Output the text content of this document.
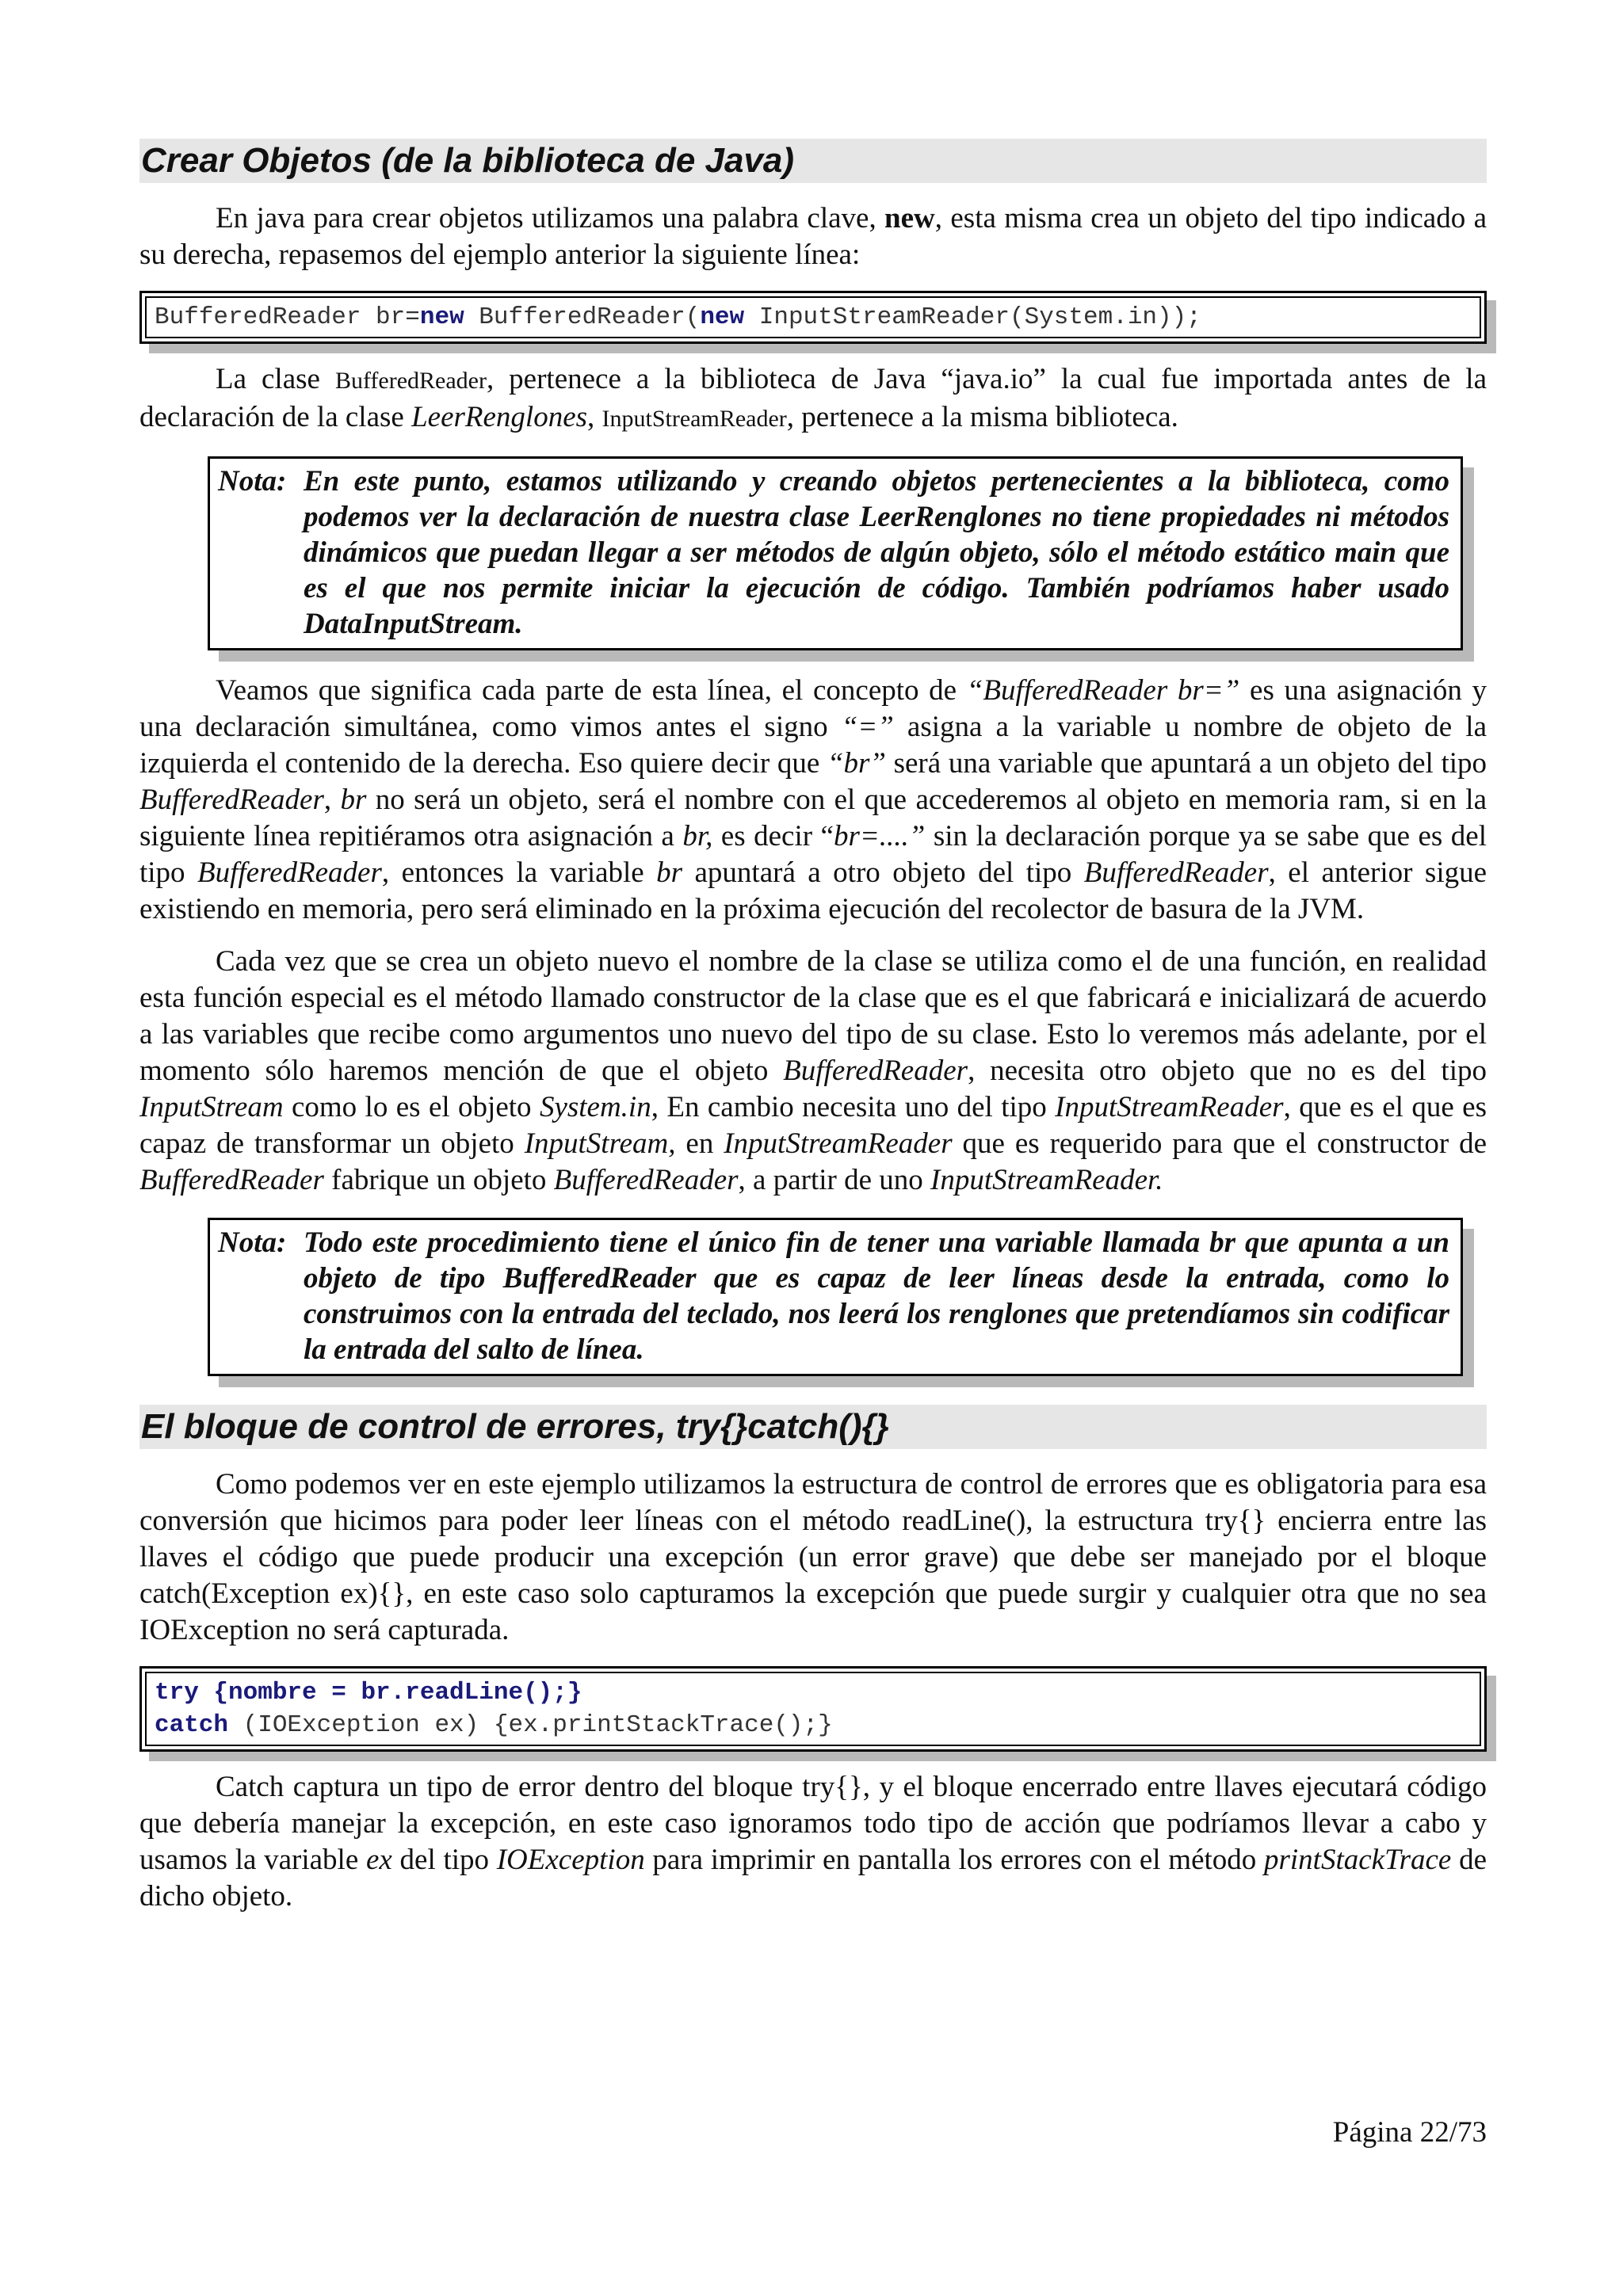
Crear Objetos (de la biblioteca de Java)

En java para crear objetos utilizamos una palabra clave, new, esta misma crea un objeto del tipo indicado a su derecha, repasemos del ejemplo anterior la siguiente línea:

BufferedReader br=new BufferedReader(new InputStreamReader(System.in));

La clase BufferedReader, pertenece a la biblioteca de Java “java.io” la cual fue importada antes de la declaración de la clase LeerRenglones, InputStreamReader, pertenece a la misma biblioteca.

Nota: En este punto, estamos utilizando y creando objetos pertenecientes a la biblioteca, como podemos ver la declaración de nuestra clase LeerRenglones no tiene propiedades ni métodos dinámicos que puedan llegar a ser métodos de algún objeto, sólo el método estático main que es el que nos permite iniciar la ejecución de código. También podríamos haber usado DataInputStream.

Veamos que significa cada parte de esta línea, el concepto de “BufferedReader br=” es una asignación y una declaración simultánea, como vimos antes el signo “=” asigna a la variable u nombre de objeto de la izquierda el contenido de la derecha. Eso quiere decir que “br” será una variable que apuntará a un objeto del tipo BufferedReader, br no será un objeto, será el nombre con el que accederemos al objeto en memoria ram, si en la siguiente línea repitiéramos otra asignación a br, es decir “br=....” sin la declaración porque ya se sabe que es del tipo BufferedReader, entonces la variable br apuntará a otro objeto del tipo BufferedReader, el anterior sigue existiendo en memoria, pero será eliminado en la próxima ejecución del recolector de basura de la JVM.

Cada vez que se crea un objeto nuevo el nombre de la clase se utiliza como el de una función, en realidad esta función especial es el método llamado constructor de la clase que es el que fabricará e inicializará de acuerdo a las variables que recibe como argumentos uno nuevo del tipo de su clase. Esto lo veremos más adelante, por el momento sólo haremos mención de que el objeto BufferedReader, necesita otro objeto que no es del tipo InputStream como lo es el objeto System.in, En cambio necesita uno del tipo InputStreamReader, que es el que es capaz de transformar un objeto InputStream, en InputStreamReader que es requerido para que el constructor de BufferedReader fabrique un objeto BufferedReader, a partir de uno InputStreamReader.

Nota: Todo este procedimiento tiene el único fin de tener una variable llamada br que apunta a un objeto de tipo BufferedReader que es capaz de leer líneas desde la entrada, como lo construimos con la entrada del teclado, nos leerá los renglones que pretendíamos sin codificar la entrada del salto de línea.
El bloque de control de errores, try{}catch(){}

Como podemos ver en este ejemplo utilizamos la estructura de control de errores que es obligatoria para esa conversión que hicimos para poder leer líneas con el método readLine(), la estructura try{} encierra entre las llaves el código que puede producir una excepción (un error grave) que debe ser manejado por el bloque catch(Exception ex){}, en este caso solo capturamos la excepción que puede surgir y cualquier otra que no sea IOException no será capturada.

try {nombre = br.readLine();}
catch (IOException ex) {ex.printStackTrace();}

Catch captura un tipo de error dentro del bloque try{}, y el bloque encerrado entre llaves ejecutará código que debería manejar la excepción, en este caso ignoramos todo tipo de acción que podríamos llevar a cabo y usamos la variable ex del tipo IOException para imprimir en pantalla los errores con el método printStackTrace de dicho objeto.

Página 22/73
